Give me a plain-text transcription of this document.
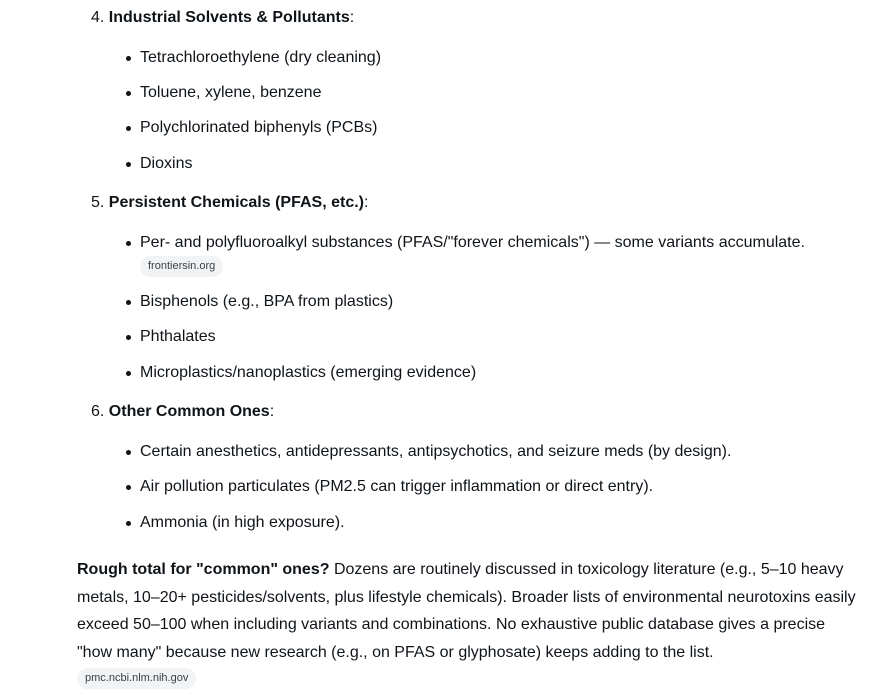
4. Industrial Solvents & Pollutants:
Tetrachloroethylene (dry cleaning)
Toluene, xylene, benzene
Polychlorinated biphenyls (PCBs)
Dioxins
5. Persistent Chemicals (PFAS, etc.):
Per- and polyfluoroalkyl substances (PFAS/"forever chemicals") — some variants accumulate.
frontiersin.org
Bisphenols (e.g., BPA from plastics)
Phthalates
Microplastics/nanoplastics (emerging evidence)
6. Other Common Ones:
Certain anesthetics, antidepressants, antipsychotics, and seizure meds (by design).
Air pollution particulates (PM2.5 can trigger inflammation or direct entry).
Ammonia (in high exposure).
Rough total for "common" ones? Dozens are routinely discussed in toxicology literature (e.g., 5–10 heavy metals, 10–20+ pesticides/solvents, plus lifestyle chemicals). Broader lists of environmental neurotoxins easily exceed 50–100 when including variants and combinations. No exhaustive public database gives a precise "how many" because new research (e.g., on PFAS or glyphosate) keeps adding to the list.
pmc.ncbi.nlm.nih.gov
